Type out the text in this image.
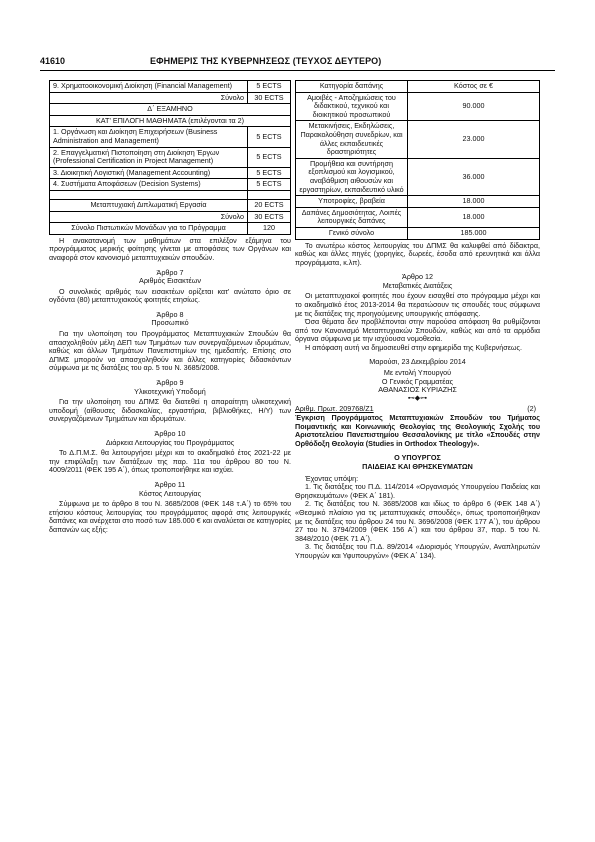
41610	ΕΦΗΜΕΡΙΣ ΤΗΣ ΚΥΒΕΡΝΗΣΕΩΣ (ΤΕΥΧΟΣ ΔΕΥΤΕΡΟ)
9. Χρηματοοικονομική Διοίκηση (Financial Management)	5 ECTS
Σύνολο	30 ECTS
Δ΄ ΕΞΑΜΗΝΟ	
ΚΑΤ' ΕΠΙΛΟΓΗ ΜΑΘΗΜΑΤΑ (επιλέγονται τα 2)	
1. Οργάνωση και Διοίκηση Επιχειρήσεων (Business Administration and Management)	5 ECTS
2. Επαγγελματική Πιστοποίηση στη Διοίκηση Έργων (Professional Certification in Project Management)	5 ECTS
3. Διοικητική Λογιστική (Management Accounting)	5 ECTS
4. Συστήματα Αποφάσεων (Decision Systems)	5 ECTS

Μεταπτυχιακή Διπλωματική Εργασία	20 ECTS
Σύνολο	30 ECTS
Σύνολο Πιστωτικών Μονάδων για το Πρόγραμμα	120

Η ανακατανομή των μαθημάτων στα επιλέξον εξάμηνα του προγράμματος μερικής φοίτησης γίνεται με αποφάσεις των Οργάνων και αναφορά στον κανονισμό μεταπτυχιακών σπουδών.

Άρθρο 7
Αριθμός Εισακτέων

Ο συνολικός αριθμός των εισακτέων ορίζεται κατ' ανώτατο όριο σε ογδόντα (80) μεταπτυχιακούς φοιτητές ετησίως.

Άρθρο 8
Προσωπικό

Για την υλοποίηση του Προγράμματος Μεταπτυχιακών Σπουδών θα απασχοληθούν μέλη ΔΕΠ των Τμημάτων των συνεργαζόμενων ιδρυμάτων, καθώς και άλλων Τμημάτων Πανεπιστημίων της ημεδαπής. Επίσης στο ΔΠΜΣ μπορούν να απασχοληθούν και άλλες κατηγορίες διδασκόντων σύμφωνα με τις διατάξεις του αρ. 5 του Ν. 3685/2008.

Άρθρο 9
Υλικοτεχνική Υποδομή

Για την υλοποίηση του ΔΠΜΣ θα διατεθεί η απαραίτητη υλικοτεχνική υποδομή (αίθουσες διδασκαλίας, εργαστήρια, βιβλιοθήκες, Η/Υ) των συνεργαζόμενων Τμημάτων και ιδρυμάτων.

Άρθρο 10
Διάρκεια Λειτουργίας του Προγράμματος

Το Δ.Π.Μ.Σ. θα λειτουργήσει μέχρι και το ακαδημαϊκό έτος 2021-22 με την επιφύλαξη των διατάξεων της παρ. 11α του άρθρου 80 του Ν. 4009/2011 (ΦΕΚ 195 Α΄), όπως τροποποιήθηκε και ισχύει.

Άρθρο 11
Κόστος Λειτουργίας

Σύμφωνα με το άρθρο 8 του Ν. 3685/2008 (ΦΕΚ 148 τ.Α΄) το 65% του ετήσιου κόστους λειτουργίας του προγράμματος αφορά στις λειτουργικές δαπάνες και ανέρχεται στο ποσό των 185.000 € και αναλύεται σε κατηγορίες δαπανών ως εξής:

Κατηγορία δαπάνης	Κόστος σε €
Αμοιβές - Αποζημιώσεις του διδακτικού, τεχνικού και διοικητικού προσωπικού	90.000
Μετακινήσεις, Εκδηλώσεις, Παρακολούθηση συνεδρίων, και άλλες εκπαιδευτικές δραστηριότητες	23.000
Προμήθεια και συντήρηση εξοπλισμού και λογισμικού, αναβάθμιση αιθουσών και εργαστηρίων, εκπαιδευτικό υλικό	36.000
Υποτροφίες, βραβεία	18.000
Δαπάνες Δημοσιότητας, Λοιπές λειτουργικές δαπάνες	18.000
Γενικό σύνολο	185.000

Το ανωτέρω κόστος λειτουργίας του ΔΠΜΣ θα καλυφθεί από δίδακτρα, καθώς και άλλες πηγές (χορηγίες, δωρεές, έσοδα από ερευνητικά και άλλα προγράμματα, κ.λπ).

Άρθρο 12
Μεταβατικές Διατάξεις

Οι μεταπτυχιακοί φοιτητές που έχουν εισαχθεί στο πρόγραμμα μέχρι και το ακαδημαϊκό έτος 2013-2014 θα περατώσουν τις σπουδές τους σύμφωνα με τις διατάξεις της προηγούμενης υπουργικής απόφασης.

Όσα θέματα δεν προβλέπονται στην παρούσα απόφαση θα ρυθμίζονται από τον Κανονισμό Μεταπτυχιακών Σπουδών, καθώς και από τα αρμόδια όργανα σύμφωνα με την ισχύουσα νομοθεσία.

Η απόφαση αυτή να δημοσιευθεί στην εφημερίδα της Κυβερνήσεως.

Μαρούσι, 23 Δεκεμβρίου 2014
Με εντολή Υπουργού
Ο Γενικός Γραμματέας
ΑΘΑΝΑΣΙΟΣ ΚΥΡΙΑΖΗΣ
⊷◆⊶
Αριθμ. Πρωτ. 209768/Ζ1	(2)

Έγκριση Προγράμματος Μεταπτυχιακών Σπουδών του Τμήματος Ποιμαντικής και Κοινωνικής Θεολογίας της Θεολογικής Σχολής του Αριστοτελείου Πανεπιστημίου Θεσσαλονίκης με τίτλο «Σπουδές στην Ορθόδοξη Θεολογία (Studies in Orthodox Theology)».

Ο ΥΠΟΥΡΓΟΣ
ΠΑΙΔΕΙΑΣ ΚΑΙ ΘΡΗΣΚΕΥΜΑΤΩΝ

Έχοντας υπόψη:

1. Τις διατάξεις του Π.Δ. 114/2014 «Οργανισμός Υπουργείου Παιδείας και Θρησκευμάτων» (ΦΕΚ Α΄ 181).

2. Τις διατάξεις του Ν. 3685/2008 και ιδίως το άρθρο 6 (ΦΕΚ 148 Α΄) «Θεσμικό πλαίσιο για τις μεταπτυχιακές σπουδές», όπως τροποποιήθηκαν με τις διατάξεις του άρθρου 24 του Ν. 3696/2008 (ΦΕΚ 177 Α΄), του άρθρου 27 του Ν. 3794/2009 (ΦΕΚ 156 Α΄) και του άρθρου 37, παρ. 5 του Ν. 3848/2010 (ΦΕΚ 71 Α΄).

3. Τις διατάξεις του Π.Δ. 89/2014 «Διορισμός Υπουργών, Αναπληρωτών Υπουργών και Υφυπουργών» (ΦΕΚ Α΄ 134).
